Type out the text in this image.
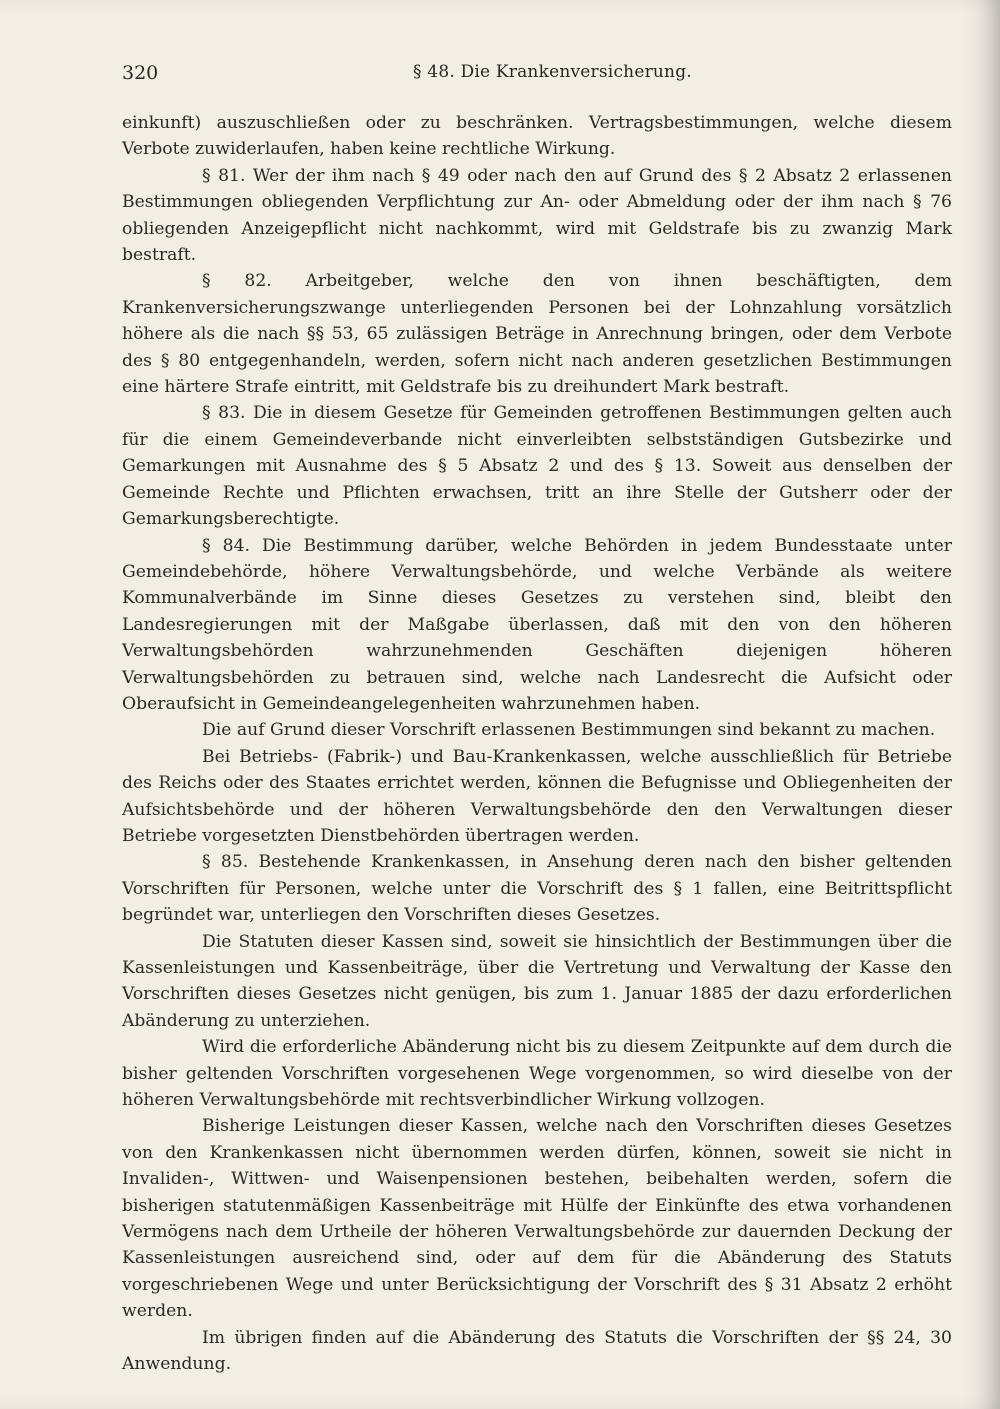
320	§ 48. Die Krankenversicherung.

einkunft) auszuschließen oder zu beschränken. Vertragsbestimmungen, welche diesem Verbote zuwiderlaufen, haben keine rechtliche Wirkung.

§ 81. Wer der ihm nach § 49 oder nach den auf Grund des § 2 Absatz 2 erlassenen Bestimmungen obliegenden Verpflichtung zur An- oder Abmeldung oder der ihm nach § 76 obliegenden Anzeigepflicht nicht nachkommt, wird mit Geldstrafe bis zu zwanzig Mark bestraft.

§ 82. Arbeitgeber, welche den von ihnen beschäftigten, dem Krankenversicherungszwange unterliegenden Personen bei der Lohnzahlung vorsätzlich höhere als die nach §§ 53, 65 zulässigen Beträge in Anrechnung bringen, oder dem Verbote des § 80 entgegenhandeln, werden, sofern nicht nach anderen gesetzlichen Bestimmungen eine härtere Strafe eintritt, mit Geldstrafe bis zu dreihundert Mark bestraft.

§ 83. Die in diesem Gesetze für Gemeinden getroffenen Bestimmungen gelten auch für die einem Gemeindeverbande nicht einverleibten selbstständigen Gutsbezirke und Gemarkungen mit Ausnahme des § 5 Absatz 2 und des § 13. Soweit aus denselben der Gemeinde Rechte und Pflichten erwachsen, tritt an ihre Stelle der Gutsherr oder der Gemarkungsberechtigte.

§ 84. Die Bestimmung darüber, welche Behörden in jedem Bundesstaate unter Gemeindebehörde, höhere Verwaltungsbehörde, und welche Verbände als weitere Kommunalverbände im Sinne dieses Gesetzes zu verstehen sind, bleibt den Landesregierungen mit der Maßgabe überlassen, daß mit den von den höheren Verwaltungsbehörden wahrzunehmenden Geschäften diejenigen höheren Verwaltungsbehörden zu betrauen sind, welche nach Landesrecht die Aufsicht oder Oberaufsicht in Gemeindeangelegenheiten wahrzunehmen haben.

Die auf Grund dieser Vorschrift erlassenen Bestimmungen sind bekannt zu machen.

Bei Betriebs- (Fabrik-) und Bau-Krankenkassen, welche ausschließlich für Betriebe des Reichs oder des Staates errichtet werden, können die Befugnisse und Obliegenheiten der Aufsichtsbehörde und der höheren Verwaltungsbehörde den den Verwaltungen dieser Betriebe vorgesetzten Dienstbehörden übertragen werden.

§ 85. Bestehende Krankenkassen, in Ansehung deren nach den bisher geltenden Vorschriften für Personen, welche unter die Vorschrift des § 1 fallen, eine Beitrittspflicht begründet war, unterliegen den Vorschriften dieses Gesetzes.

Die Statuten dieser Kassen sind, soweit sie hinsichtlich der Bestimmungen über die Kassenleistungen und Kassenbeiträge, über die Vertretung und Verwaltung der Kasse den Vorschriften dieses Gesetzes nicht genügen, bis zum 1. Januar 1885 der dazu erforderlichen Abänderung zu unterziehen.

Wird die erforderliche Abänderung nicht bis zu diesem Zeitpunkte auf dem durch die bisher geltenden Vorschriften vorgesehenen Wege vorgenommen, so wird dieselbe von der höheren Verwaltungsbehörde mit rechtsverbindlicher Wirkung vollzogen.

Bisherige Leistungen dieser Kassen, welche nach den Vorschriften dieses Gesetzes von den Krankenkassen nicht übernommen werden dürfen, können, soweit sie nicht in Invaliden-, Wittwen- und Waisenpensionen bestehen, beibehalten werden, sofern die bisherigen statutenmäßigen Kassenbeiträge mit Hülfe der Einkünfte des etwa vorhandenen Vermögens nach dem Urtheile der höheren Verwaltungsbehörde zur dauernden Deckung der Kassenleistungen ausreichend sind, oder auf dem für die Abänderung des Statuts vorgeschriebenen Wege und unter Berücksichtigung der Vorschrift des § 31 Absatz 2 erhöht werden.

Im übrigen finden auf die Abänderung des Statuts die Vorschriften der §§ 24, 30 Anwendung.
